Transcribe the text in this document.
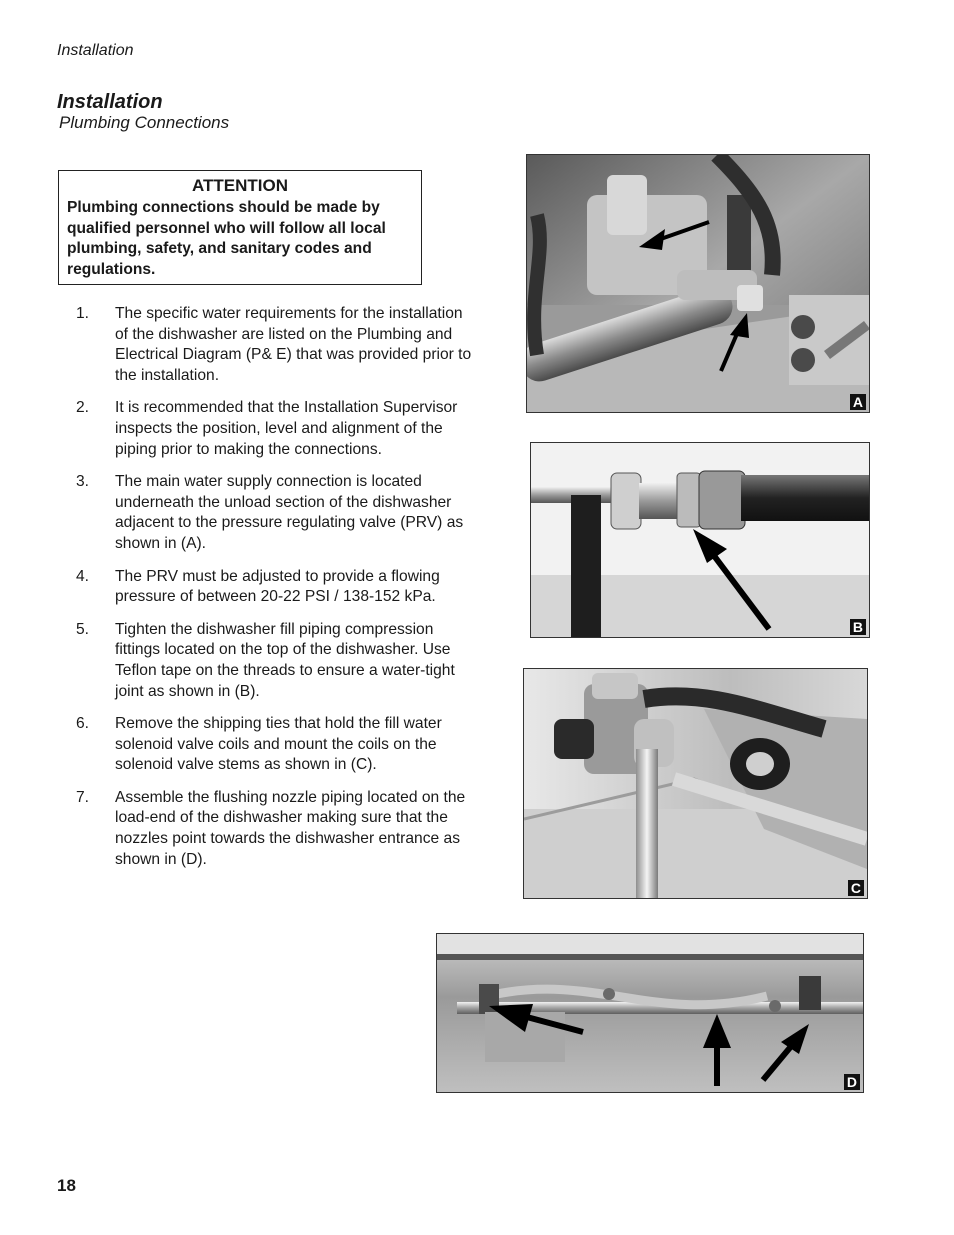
Installation
Installation
Plumbing Connections
ATTENTION
Plumbing connections should be made by qualified personnel who will follow all local plumbing, safety, and sanitary codes and regulations.
1.	The specific water requirements for the installation of the dishwasher are listed on the Plumbing and Electrical Diagram (P& E) that was provided prior to the installation.
2.	It is recommended that the Installation Supervisor inspects the position, level and alignment of the piping prior to making the connections.
3.	The main water supply connection is located underneath the unload section of the dishwasher adjacent to the pressure regulating valve (PRV) as shown in (A).
4.	The PRV must be adjusted to provide a flowing pressure of between 20-22 PSI / 138-152 kPa.
5.	Tighten the dishwasher fill piping compression fittings located on the top of the dishwasher. Use Teflon tape on the threads to ensure a water-tight joint as shown in (B).
6.	Remove the shipping ties that hold the fill water solenoid valve coils and mount the coils on the solenoid valve stems as shown in (C).
7.	Assemble the flushing nozzle piping located on the load-end of the dishwasher making sure that the nozzles point towards the dishwasher entrance as shown in (D).
A
B
C
D
18
